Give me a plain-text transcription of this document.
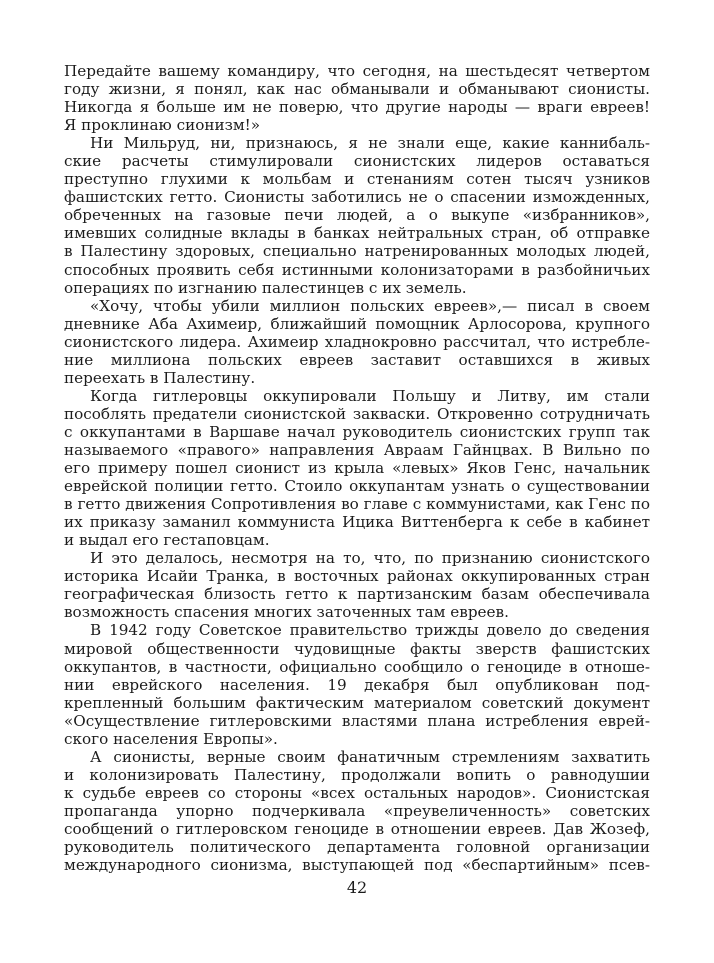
Передайте вашему командиру, что сегодня, на шестьдесят четвертом
году жизни, я понял, как нас обманывали и обманывают сионисты.
Никогда я больше им не поверю, что другие народы — враги евреев!
Я проклинаю сионизм!»
Ни Мильруд, ни, признаюсь, я не знали еще, какие каннибаль-
ские расчеты стимулировали сионистских лидеров оставаться
преступно глухими к мольбам и стенаниям сотен тысяч узников
фашистских гетто. Сионисты заботились не о спасении изможденных,
обреченных на газовые печи людей, а о выкупе «избранников»,
имевших солидные вклады в банках нейтральных стран, об отправке
в Палестину здоровых, специально натренированных молодых людей,
способных проявить себя истинными колонизаторами в разбойничьих
операциях по изгнанию палестинцев с их земель.
«Хочу, чтобы убили миллион польских евреев»,— писал в своем
дневнике Аба Ахимеир, ближайший помощник Арлосорова, крупного
сионистского лидера. Ахимеир хладнокровно рассчитал, что истребле-
ние миллиона польских евреев заставит оставшихся в живых
переехать в Палестину.
Когда гитлеровцы оккупировали Польшу и Литву, им стали
пособлять предатели сионистской закваски. Откровенно сотрудничать
с оккупантами в Варшаве начал руководитель сионистских групп так
называемого «правого» направления Авраам Гайнцвах. В Вильно по
его примеру пошел сионист из крыла «левых» Яков Генс, начальник
еврейской полиции гетто. Стоило оккупантам узнать о существовании
в гетто движения Сопротивления во главе с коммунистами, как Генс по
их приказу заманил коммуниста Ицика Виттенберга к себе в кабинет
и выдал его гестаповцам.
И это делалось, несмотря на то, что, по признанию сионистского
историка Исайи Транка, в восточных районах оккупированных стран
географическая близость гетто к партизанским базам обеспечивала
возможность спасения многих заточенных там евреев.
В 1942 году Советское правительство трижды довело до сведения
мировой общественности чудовищные факты зверств фашистских
оккупантов, в частности, официально сообщило о геноциде в отноше-
нии еврейского населения. 19 декабря был опубликован под-
крепленный большим фактическим материалом советский документ
«Осуществление гитлеровскими властями плана истребления еврей-
ского населения Европы».
А сионисты, верные своим фанатичным стремлениям захватить
и колонизировать Палестину, продолжали вопить о равнодушии
к судьбе евреев со стороны «всех остальных народов». Сионистская
пропаганда упорно подчеркивала «преувеличенность» советских
сообщений о гитлеровском геноциде в отношении евреев. Дав Жозеф,
руководитель политического департамента головной организации
международного сионизма, выступающей под «беспартийным» псев-
42
